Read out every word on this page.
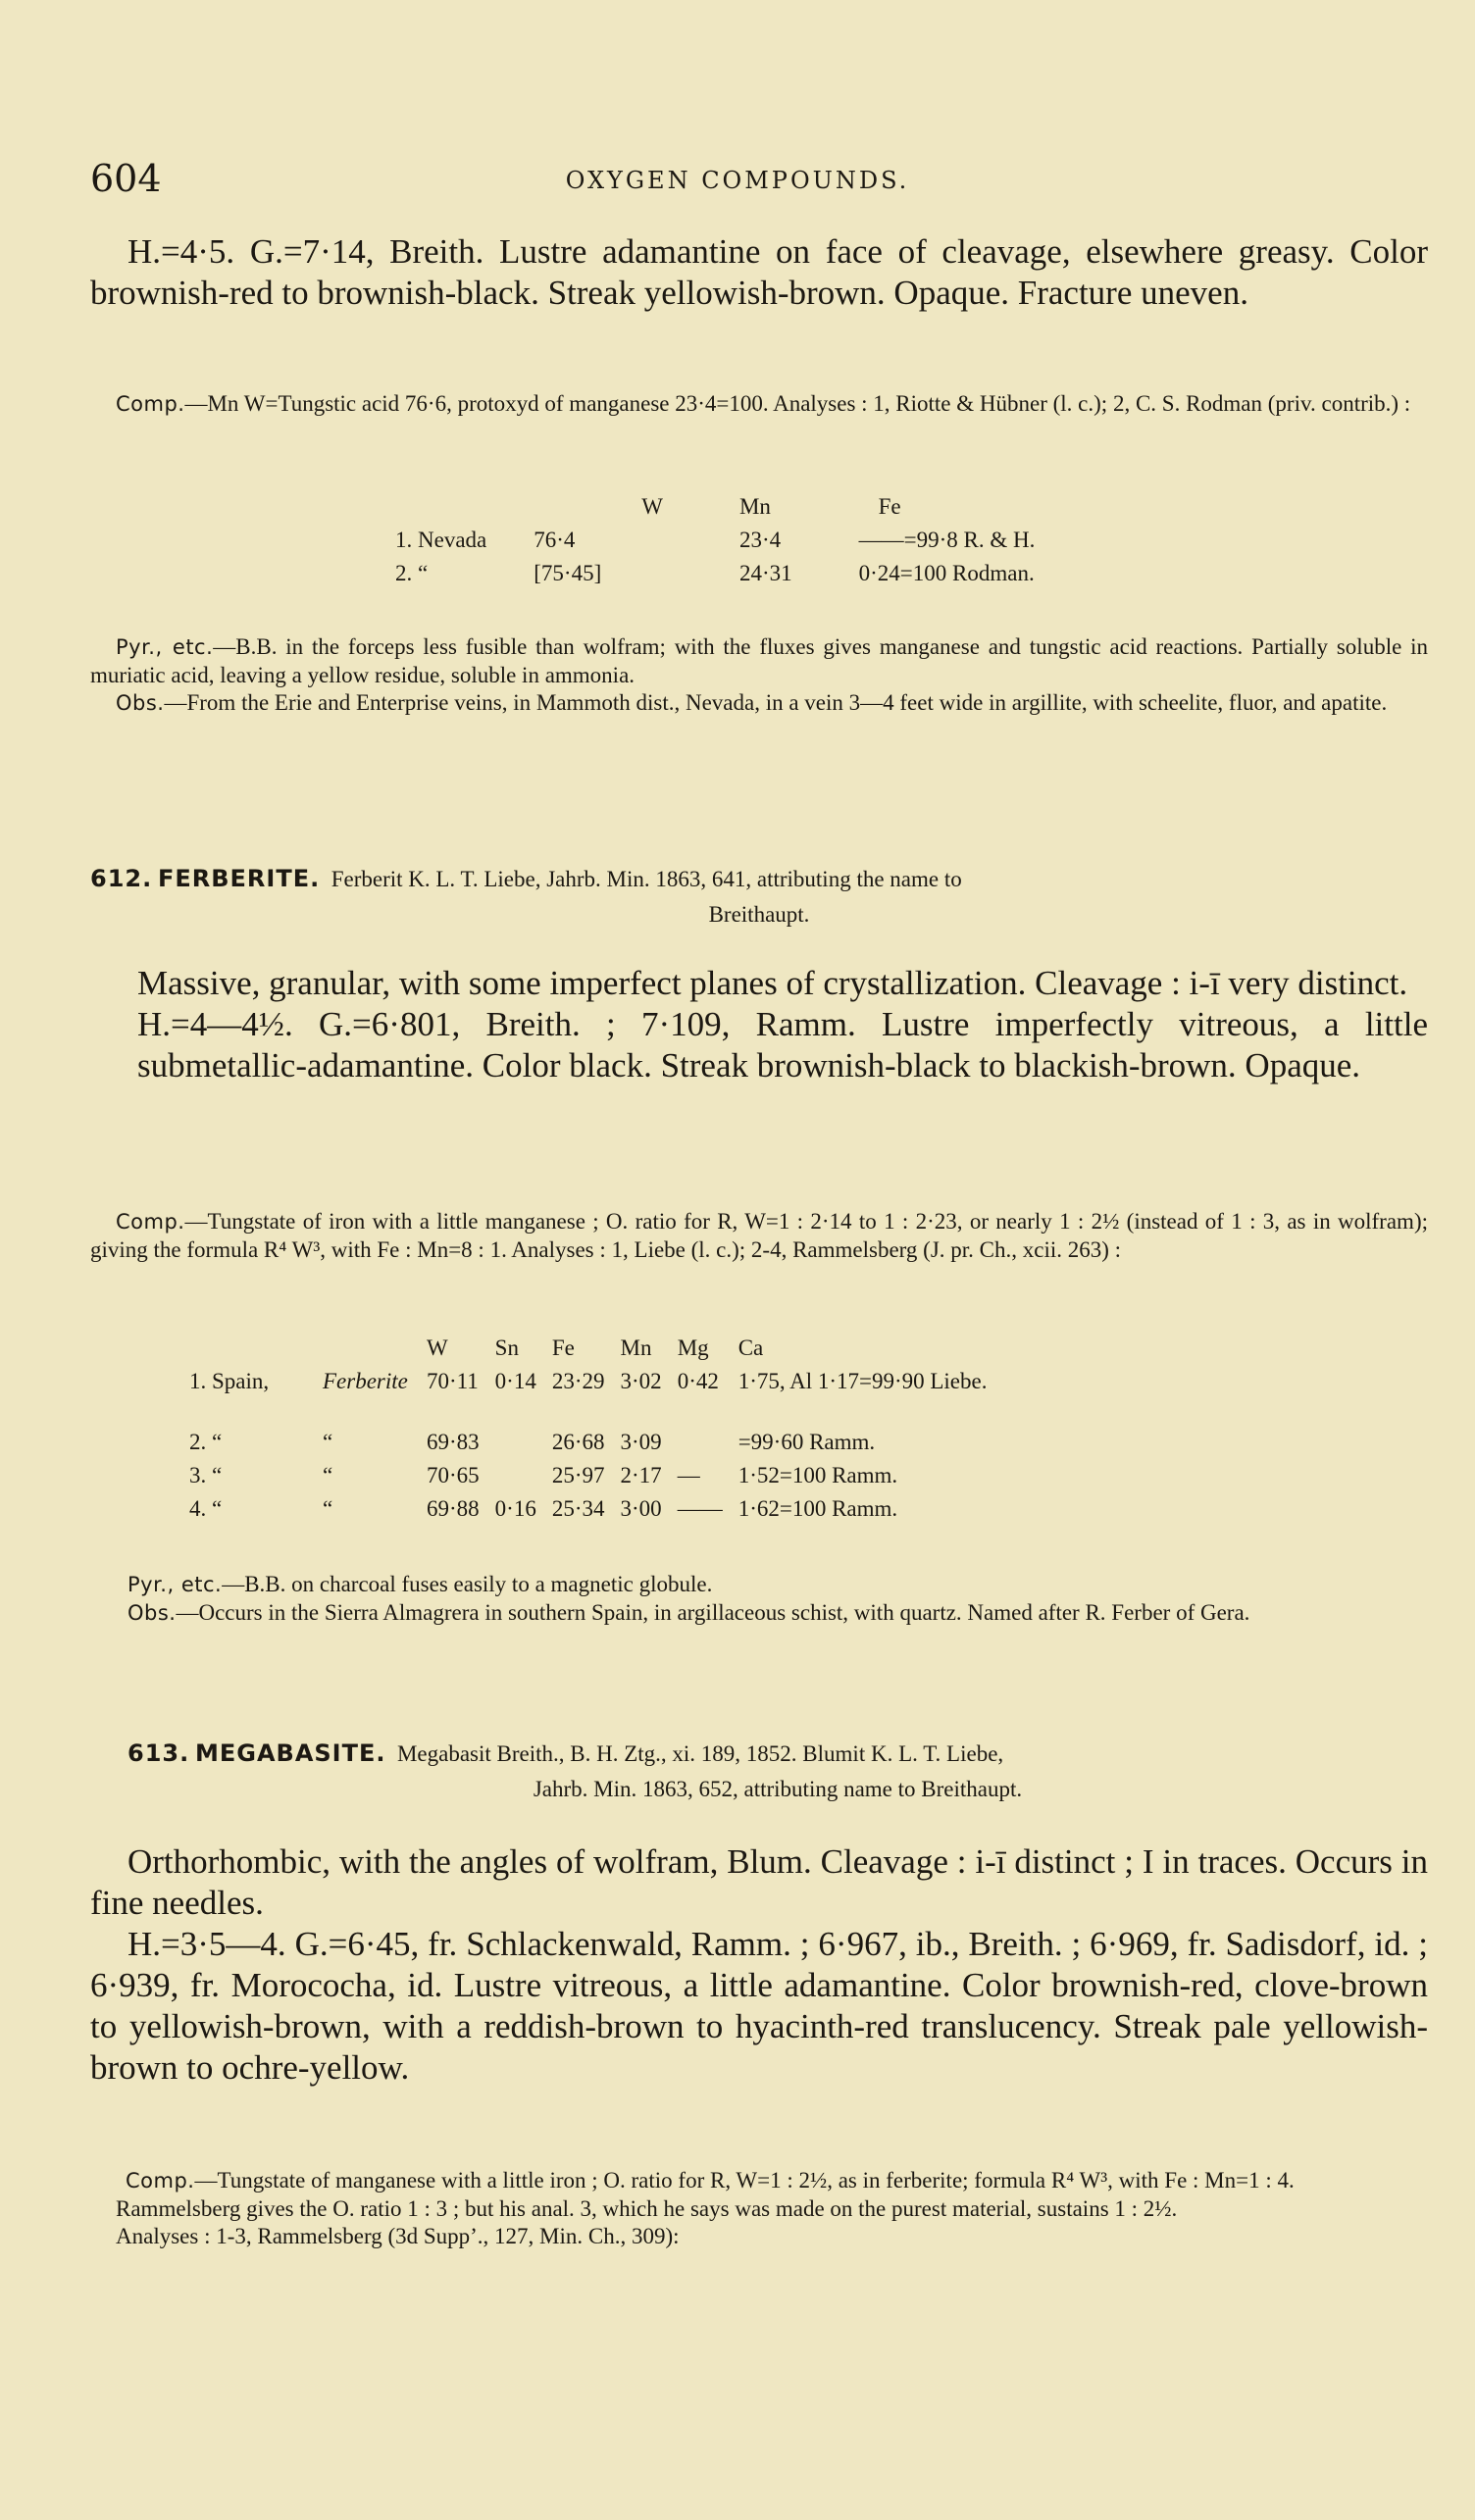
604	OXYGEN COMPOUNDS.

H.=4·5. G.=7·14, Breith. Lustre adamantine on face of cleavage, elsewhere greasy. Color brownish-red to brownish-black. Streak yellowish-brown. Opaque. Fracture uneven.

Comp.—Mn W=Tungstic acid 76·6, protoxyd of manganese 23·4=100. Analyses : 1, Riotte & Hübner (l. c.); 2, C. S. Rodman (priv. contrib.) :

	W	Mn	Fe
1. Nevada	76·4	23·4	——=99·8 R. & H.
2. “	[75·45]	24·31	0·24=100 Rodman.

Pyr., etc.—B.B. in the forceps less fusible than wolfram; with the fluxes gives manganese and tungstic acid reactions. Partially soluble in muriatic acid, leaving a yellow residue, soluble in ammonia.

Obs.—From the Erie and Enterprise veins, in Mammoth dist., Nevada, in a vein 3—4 feet wide in argillite, with scheelite, fluor, and apatite.

612. FERBERITE. Ferberit K. L. T. Liebe, Jahrb. Min. 1863, 641, attributing the name to
Breithaupt.

Massive, granular, with some imperfect planes of crystallization. Cleavage : i-ī very distinct.

H.=4—4½. G.=6·801, Breith. ; 7·109, Ramm. Lustre imperfectly vitreous, a little submetallic-adamantine. Color black. Streak brownish-black to blackish-brown. Opaque.

Comp.—Tungstate of iron with a little manganese ; O. ratio for R, W=1 : 2·14 to 1 : 2·23, or nearly 1 : 2½ (instead of 1 : 3, as in wolfram); giving the formula R⁴ W³, with Fe : Mn=8 : 1. Analyses : 1, Liebe (l. c.); 2-4, Rammelsberg (J. pr. Ch., xcii. 263) :

		W	Sn	Fe	Mn	Mg	Ca
1. Spain,	Ferberite	70·11	0·14	23·29	3·02	0·42	1·75, Al 1·17=99·90 Liebe.

2. “	“	69·83		26·68	3·09		=99·60 Ramm.
3. “	“	70·65		25·97	2·17	—	1·52=100 Ramm.
4. “	“	69·88	0·16	25·34	3·00	——	1·62=100 Ramm.

Pyr., etc.—B.B. on charcoal fuses easily to a magnetic globule.

Obs.—Occurs in the Sierra Almagrera in southern Spain, in argillaceous schist, with quartz. Named after R. Ferber of Gera.

613. MEGABASITE. Megabasit Breith., B. H. Ztg., xi. 189, 1852. Blumit K. L. T. Liebe,
Jahrb. Min. 1863, 652, attributing name to Breithaupt.

Orthorhombic, with the angles of wolfram, Blum. Cleavage : i-ī distinct ; I in traces. Occurs in fine needles.

H.=3·5—4. G.=6·45, fr. Schlackenwald, Ramm. ; 6·967, ib., Breith. ; 6·969, fr. Sadisdorf, id. ; 6·939, fr. Morococha, id. Lustre vitreous, a little adamantine. Color brownish-red, clove-brown to yellowish-brown, with a reddish-brown to hyacinth-red translucency. Streak pale yellowish-brown to ochre-yellow.

Comp.—Tungstate of manganese with a little iron ; O. ratio for R, W=1 : 2½, as in ferberite; formula R⁴ W³, with Fe : Mn=1 : 4.

Rammelsberg gives the O. ratio 1 : 3 ; but his anal. 3, which he says was made on the purest material, sustains 1 : 2½.

Analyses : 1-3, Rammelsberg (3d Supp’., 127, Min. Ch., 309):
